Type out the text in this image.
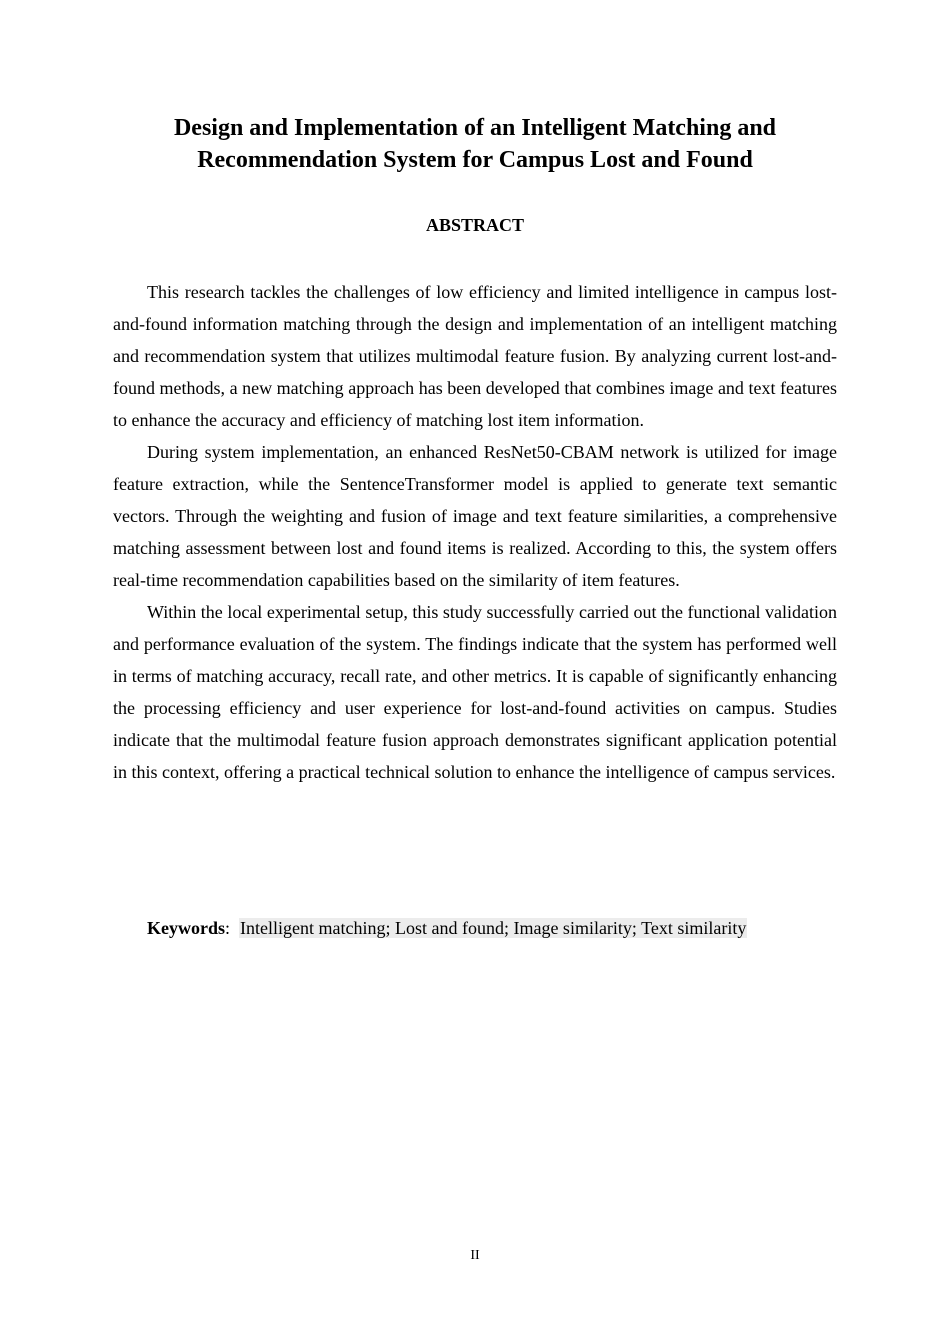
Design and Implementation of an Intelligent Matching and
Recommendation System for Campus Lost and Found
ABSTRACT

This research tackles the challenges of low efficiency and limited intelligence in campus lost-and-found information matching through the design and implementation of an intelligent matching and recommendation system that utilizes multimodal feature fusion. By analyzing current lost-and-found methods, a new matching approach has been developed that combines image and text features to enhance the accuracy and efficiency of matching lost item information.

During system implementation, an enhanced ResNet50-CBAM network is utilized for image feature extraction, while the SentenceTransformer model is applied to generate text semantic vectors. Through the weighting and fusion of image and text feature similarities, a comprehensive matching assessment between lost and found items is realized. According to this, the system offers real-time recommendation capabilities based on the similarity of item features.

Within the local experimental setup, this study successfully carried out the functional validation and performance evaluation of the system. The findings indicate that the system has performed well in terms of matching accuracy, recall rate, and other metrics. It is capable of significantly enhancing the processing efficiency and user experience for lost-and-found activities on campus. Studies indicate that the multimodal feature fusion approach demonstrates significant application potential in this context, offering a practical technical solution to enhance the intelligence of campus services.

Keywords: Intelligent matching; Lost and found; Image similarity; Text similarity
II
